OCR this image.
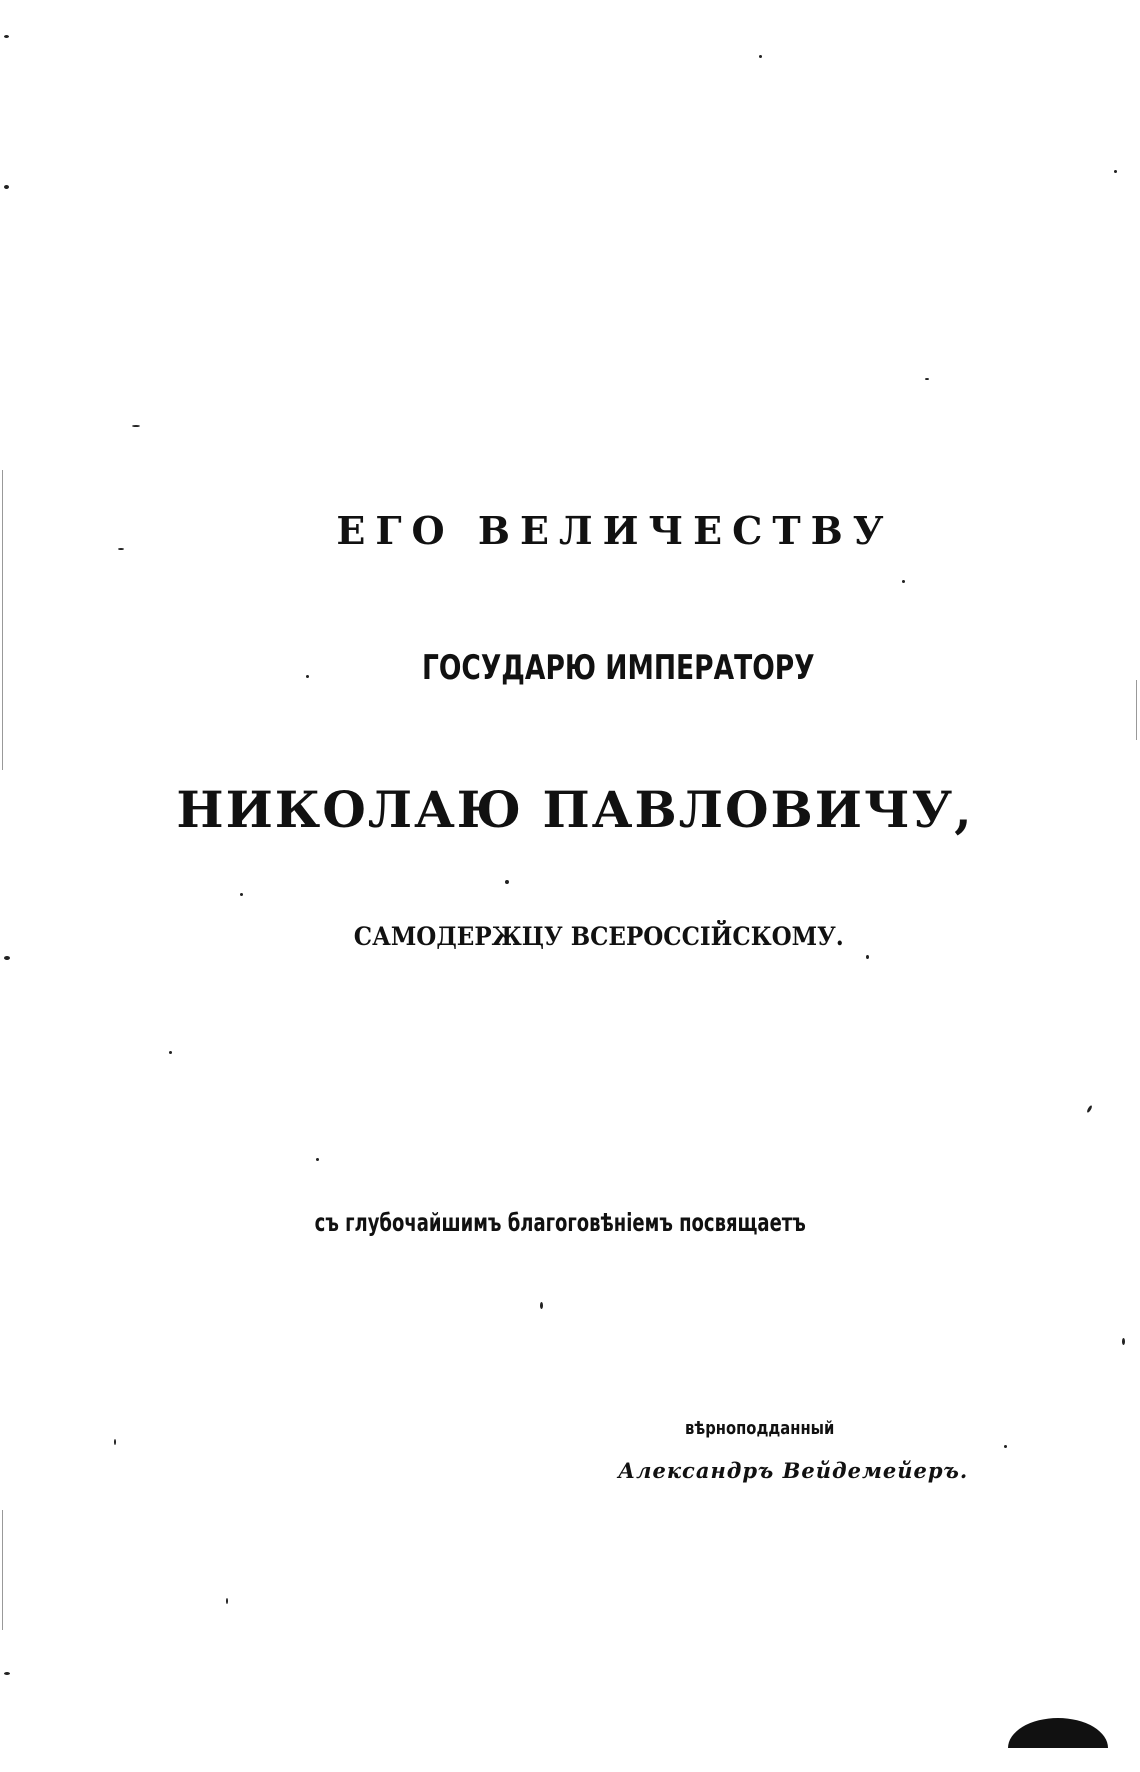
ЕГО ВЕЛИЧЕСТВУ
ГОСУДАРЮ ИМПЕРАТОРУ
НИКОЛАЮ ПАВЛОВИЧУ,
САМОДЕРЖЦУ ВСЕРОССІЙСКОМУ.
съ глубочайшимъ благоговѣніемъ посвящаетъ
вѣрноподданный
Александръ Вейдемейеръ.
